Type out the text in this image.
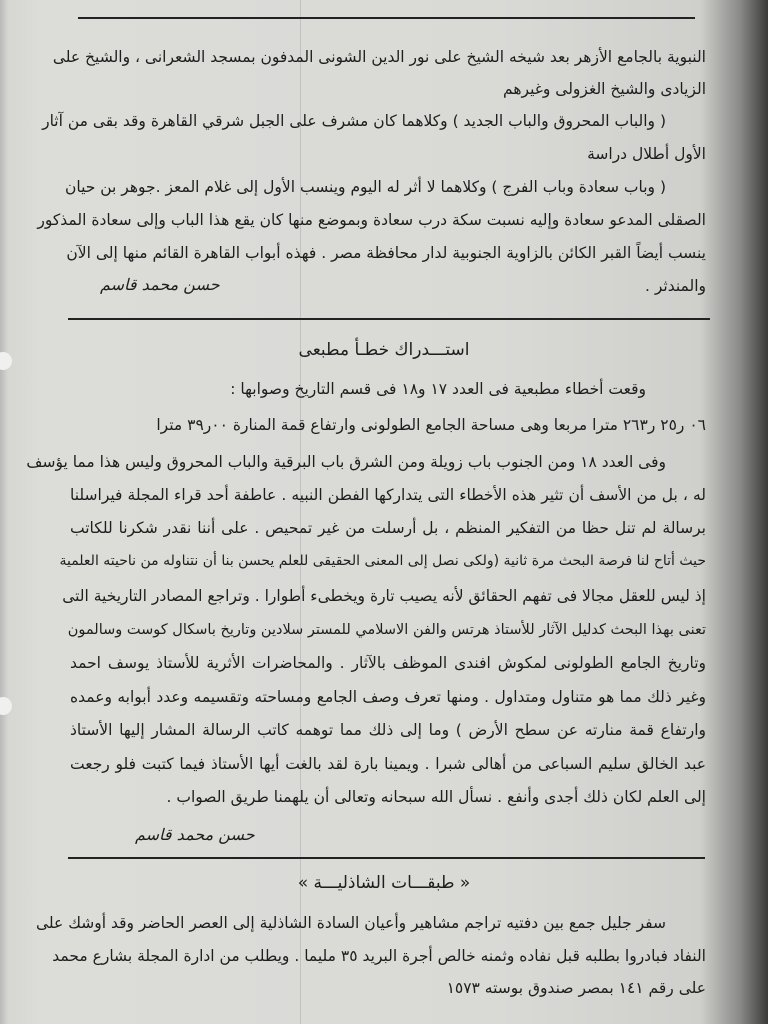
النبوية بالجامع الأزهر بعد شيخه الشيخ على نور الدين الشونى المدفون بمسجد الشعرانى ، والشيخ على
الزيادى والشيخ الغزولى وغيرهم
( والباب المحروق والباب الجديد ) وكلاهما كان مشرف على الجبل شرقي القاهرة وقد بقى من آثار
الأول أطلال دراسة
( وباب سعادة وباب الفرج ) وكلاهما لا أثر له اليوم وينسب الأول إلى غلام المعز .جوهر بن حيان
الصقلى المدعو سعادة وإليه نسبت سكة درب سعادة وبموضع منها كان يقع هذا الباب وإلى سعادة المذكور
ينسب أيضاً القبر الكائن بالزاوية الجنوبية لدار محافظة مصر . فهذه أبواب القاهرة القائم منها إلى الآن
والمندثر .
حسن محمد قاسم
استـــدراك خطـأ مطبعى
وقعت أخطاء مطبعية فى العدد ١٧ و١٨ فى قسم التاريخ وصوابها :
٠٦ ر٢٥ ر٢٦٣ مترا مربعا وهى مساحة الجامع الطولونى وارتفاع قمة المنارة ٠٠ر٣٩ مترا
وفى العدد ١٨ ومن الجنوب باب زويلة ومن الشرق باب البرقية والباب المحروق وليس هذا مما يؤسف
له ، بل من الأسف أن تثير هذه الأخطاء التى يتداركها الفطن النبيه . عاطفة أحد قراء المجلة فيراسلنا
برسالة لم تنل حظا من التفكير المنظم ، بل أرسلت من غير تمحيص . على أننا نقدر شكرنا للكاتب
حيث أتاح لنا فرصة البحث مرة ثانية (ولكى نصل إلى المعنى الحقيقى للعلم يحسن بنا أن نتناوله من ناحيته العلمية
إذ ليس للعقل مجالا فى تفهم الحقائق لأنه يصيب تارة ويخطىء أطوارا . وتراجع المصادر التاريخية التى
تعنى بهذا البحث كدليل الآثار للأستاذ هرتس والفن الاسلامي للمستر سلادين وتاريخ باسكال كوست وسالمون
وتاريخ الجامع الطولونى لمكوش افندى الموظف بالآثار . والمحاضرات الأثرية للأستاذ يوسف احمد
وغير ذلك مما هو متناول ومتداول . ومنها تعرف وصف الجامع ومساحته وتقسيمه وعدد أبوابه وعمده
وارتفاع قمة منارته عن سطح الأرض ) وما إلى ذلك مما توهمه كاتب الرسالة المشار إليها الأستاذ
عبد الخالق سليم السباعى من أهالى شبرا . ويمينا بارة لقد بالغت أيها الأستاذ فيما كتبت فلو رجعت
إلى العلم لكان ذلك أجدى وأنفع . نسأل الله سبحانه وتعالى أن يلهمنا طريق الصواب .
حسن محمد قاسم
« طبقـــات الشاذليـــة »
سفر جليل جمع بين دفتيه تراجم مشاهير وأعيان السادة الشاذلية إلى العصر الحاضر وقد أوشك على
النفاد فبادروا بطلبه قبل نفاده وثمنه خالص أجرة البريد ٣٥ مليما . ويطلب من ادارة المجلة بشارع محمد
على رقم ١٤١ بمصر صندوق بوسته ١٥٧٣
